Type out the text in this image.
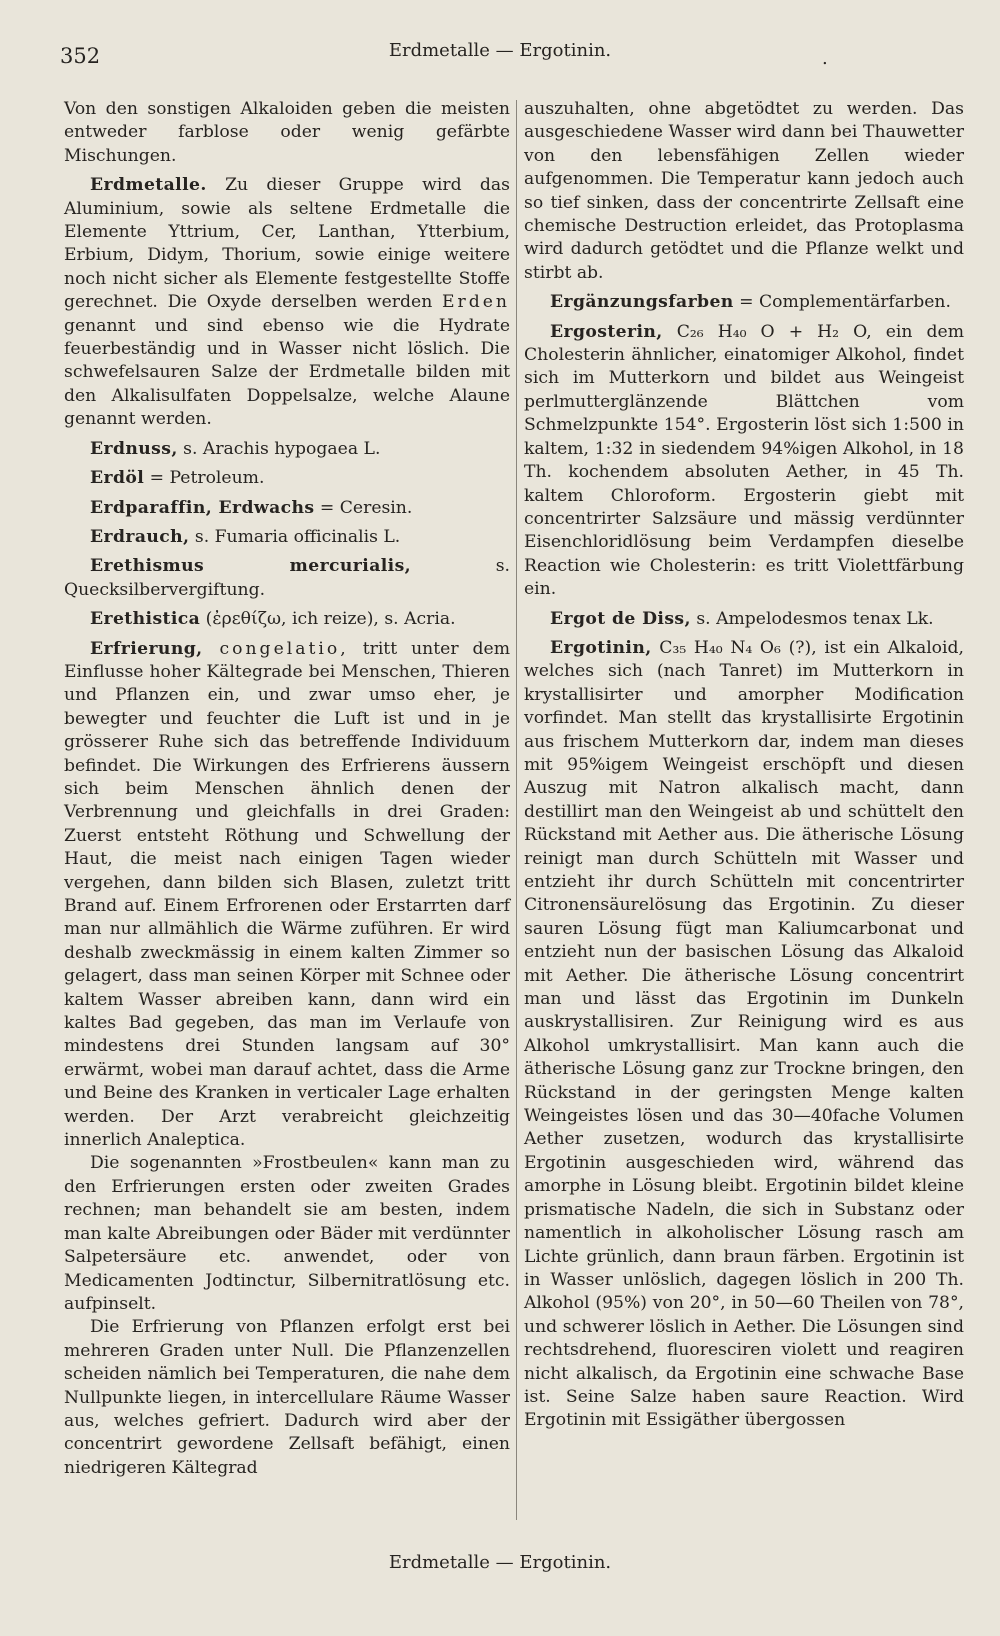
352	Erdmetalle — Ergotinin.	.

Von den sonstigen Alkaloiden geben die meisten entweder farblose oder wenig gefärbte Mischungen.

Erdmetalle. Zu dieser Gruppe wird das Aluminium, sowie als seltene Erdmetalle die Elemente Yttrium, Cer, Lanthan, Ytterbium, Erbium, Didym, Thorium, sowie einige weitere noch nicht sicher als Elemente festgestellte Stoffe gerechnet. Die Oxyde derselben werden Erden genannt und sind ebenso wie die Hydrate feuerbeständig und in Wasser nicht löslich. Die schwefelsauren Salze der Erdmetalle bilden mit den Alkalisulfaten Doppelsalze, welche Alaune genannt werden.

Erdnuss, s. Arachis hypogaea L.

Erdöl = Petroleum.

Erdparaffin, Erdwachs = Ceresin.

Erdrauch, s. Fumaria officinalis L.

Erethismus mercurialis, s. Quecksilbervergiftung.

Erethistica (ἐρεθίζω, ich reize), s. Acria.

Erfrierung, congelatio, tritt unter dem Einflusse hoher Kältegrade bei Menschen, Thieren und Pflanzen ein, und zwar umso eher, je bewegter und feuchter die Luft ist und in je grösserer Ruhe sich das betreffende Individuum befindet. Die Wirkungen des Erfrierens äussern sich beim Menschen ähnlich denen der Verbrennung und gleichfalls in drei Graden: Zuerst entsteht Röthung und Schwellung der Haut, die meist nach einigen Tagen wieder vergehen, dann bilden sich Blasen, zuletzt tritt Brand auf. Einem Erfrorenen oder Erstarrten darf man nur allmählich die Wärme zuführen. Er wird deshalb zweckmässig in einem kalten Zimmer so gelagert, dass man seinen Körper mit Schnee oder kaltem Wasser abreiben kann, dann wird ein kaltes Bad gegeben, das man im Verlaufe von mindestens drei Stunden langsam auf 30° erwärmt, wobei man darauf achtet, dass die Arme und Beine des Kranken in verticaler Lage erhalten werden. Der Arzt verabreicht gleichzeitig innerlich Analeptica.

Die sogenannten »Frostbeulen« kann man zu den Erfrierungen ersten oder zweiten Grades rechnen; man behandelt sie am besten, indem man kalte Abreibungen oder Bäder mit verdünnter Salpetersäure etc. anwendet, oder von Medicamenten Jodtinctur, Silbernitratlösung etc. aufpinselt.

Die Erfrierung von Pflanzen erfolgt erst bei mehreren Graden unter Null. Die Pflanzenzellen scheiden nämlich bei Temperaturen, die nahe dem Nullpunkte liegen, in intercellulare Räume Wasser aus, welches gefriert. Dadurch wird aber der concentrirt gewordene Zellsaft befähigt, einen niedrigeren Kältegrad

auszuhalten, ohne abgetödtet zu werden. Das ausgeschiedene Wasser wird dann bei Thauwetter von den lebensfähigen Zellen wieder aufgenommen. Die Temperatur kann jedoch auch so tief sinken, dass der concentrirte Zellsaft eine chemische Destruction erleidet, das Protoplasma wird dadurch getödtet und die Pflanze welkt und stirbt ab.

Ergänzungsfarben = Complementärfarben.

Ergosterin, C₂₆ H₄₀ O + H₂ O, ein dem Cholesterin ähnlicher, einatomiger Alkohol, findet sich im Mutterkorn und bildet aus Weingeist perlmutterglänzende Blättchen vom Schmelzpunkte 154°. Ergosterin löst sich 1:500 in kaltem, 1:32 in siedendem 94%igen Alkohol, in 18 Th. kochendem absoluten Aether, in 45 Th. kaltem Chloroform. Ergosterin giebt mit concentrirter Salzsäure und mässig verdünnter Eisenchloridlösung beim Verdampfen dieselbe Reaction wie Cholesterin: es tritt Violettfärbung ein.

Ergot de Diss, s. Ampelodesmos tenax Lk.

Ergotinin, C₃₅ H₄₀ N₄ O₆ (?), ist ein Alkaloid, welches sich (nach Tanret) im Mutterkorn in krystallisirter und amorpher Modification vorfindet. Man stellt das krystallisirte Ergotinin aus frischem Mutterkorn dar, indem man dieses mit 95%igem Weingeist erschöpft und diesen Auszug mit Natron alkalisch macht, dann destillirt man den Weingeist ab und schüttelt den Rückstand mit Aether aus. Die ätherische Lösung reinigt man durch Schütteln mit Wasser und entzieht ihr durch Schütteln mit concentrirter Citronensäurelösung das Ergotinin. Zu dieser sauren Lösung fügt man Kaliumcarbonat und entzieht nun der basischen Lösung das Alkaloid mit Aether. Die ätherische Lösung concentrirt man und lässt das Ergotinin im Dunkeln auskrystallisiren. Zur Reinigung wird es aus Alkohol umkrystallisirt. Man kann auch die ätherische Lösung ganz zur Trockne bringen, den Rückstand in der geringsten Menge kalten Weingeistes lösen und das 30—40fache Volumen Aether zusetzen, wodurch das krystallisirte Ergotinin ausgeschieden wird, während das amorphe in Lösung bleibt. Ergotinin bildet kleine prismatische Nadeln, die sich in Substanz oder namentlich in alkoholischer Lösung rasch am Lichte grünlich, dann braun färben. Ergotinin ist in Wasser unlöslich, dagegen löslich in 200 Th. Alkohol (95%) von 20°, in 50—60 Theilen von 78°, und schwerer löslich in Aether. Die Lösungen sind rechtsdrehend, fluoresciren violett und reagiren nicht alkalisch, da Ergotinin eine schwache Base ist. Seine Salze haben saure Reaction. Wird Ergotinin mit Essigäther übergossen

Erdmetalle — Ergotinin.
